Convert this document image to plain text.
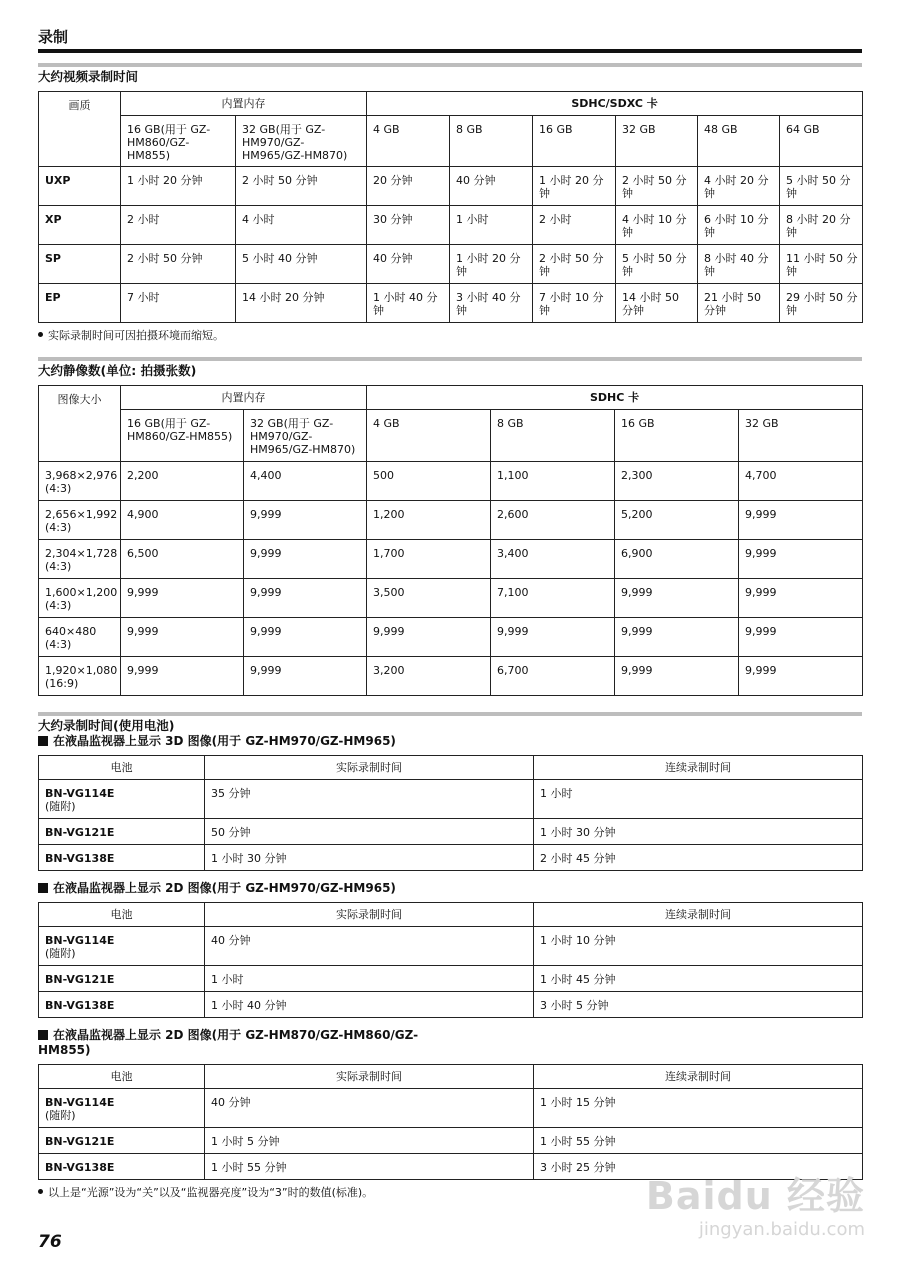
录制
大约视频录制时间
画质	内置内存		SDHC/SDXC 卡					
	16 GB(用于 GZ-HM860/GZ-HM855)	32 GB(用于 GZ-HM970/GZ-HM965/GZ-HM870)	4 GB	8 GB	16 GB	32 GB	48 GB	64 GB
UXP	1 小时 20 分钟	2 小时 50 分钟	20 分钟	40 分钟	1 小时 20 分钟	2 小时 50 分钟	4 小时 20 分钟	5 小时 50 分钟
XP	2 小时	4 小时	30 分钟	1 小时	2 小时	4 小时 10 分钟	6 小时 10 分钟	8 小时 20 分钟
SP	2 小时 50 分钟	5 小时 40 分钟	40 分钟	1 小时 20 分钟	2 小时 50 分钟	5 小时 50 分钟	8 小时 40 分钟	11 小时 50 分钟
EP	7 小时	14 小时 20 分钟	1 小时 40 分钟	3 小时 40 分钟	7 小时 10 分钟	14 小时 50 分钟	21 小时 50 分钟	29 小时 50 分钟
实际录制时间可因拍摄环境而缩短。
大约静像数(单位: 拍摄张数)
图像大小	内置内存		SDHC 卡			
	16 GB(用于 GZ-HM860/GZ-HM855)	32 GB(用于 GZ-HM970/GZ-HM965/GZ-HM870)	4 GB	8 GB	16 GB	32 GB
3,968×2,976 (4:3)	2,200	4,400	500	1,100	2,300	4,700
2,656×1,992 (4:3)	4,900	9,999	1,200	2,600	5,200	9,999
2,304×1,728 (4:3)	6,500	9,999	1,700	3,400	6,900	9,999
1,600×1,200 (4:3)	9,999	9,999	3,500	7,100	9,999	9,999
640×480 (4:3)	9,999	9,999	9,999	9,999	9,999	9,999
1,920×1,080 (16:9)	9,999	9,999	3,200	6,700	9,999	9,999
大约录制时间(使用电池)
在液晶监视器上显示 3D 图像(用于 GZ-HM970/GZ-HM965)
电池	实际录制时间	连续录制时间
BN-VG114E
(随附)	35 分钟	1 小时
BN-VG121E	50 分钟	1 小时 30 分钟
BN-VG138E	1 小时 30 分钟	2 小时 45 分钟
在液晶监视器上显示 2D 图像(用于 GZ-HM970/GZ-HM965)
电池	实际录制时间	连续录制时间
BN-VG114E
(随附)	40 分钟	1 小时 10 分钟
BN-VG121E	1 小时	1 小时 45 分钟
BN-VG138E	1 小时 40 分钟	3 小时 5 分钟
在液晶监视器上显示 2D 图像(用于 GZ-HM870/GZ-HM860/GZ-HM855)
电池	实际录制时间	连续录制时间
BN-VG114E
(随附)	40 分钟	1 小时 15 分钟
BN-VG121E	1 小时 5 分钟	1 小时 55 分钟
BN-VG138E	1 小时 55 分钟	3 小时 25 分钟
以上是“光源”设为“关”以及“监视器亮度”设为“3”时的数值(标准)。
76
Baidu 经验
jingyan.baidu.com
